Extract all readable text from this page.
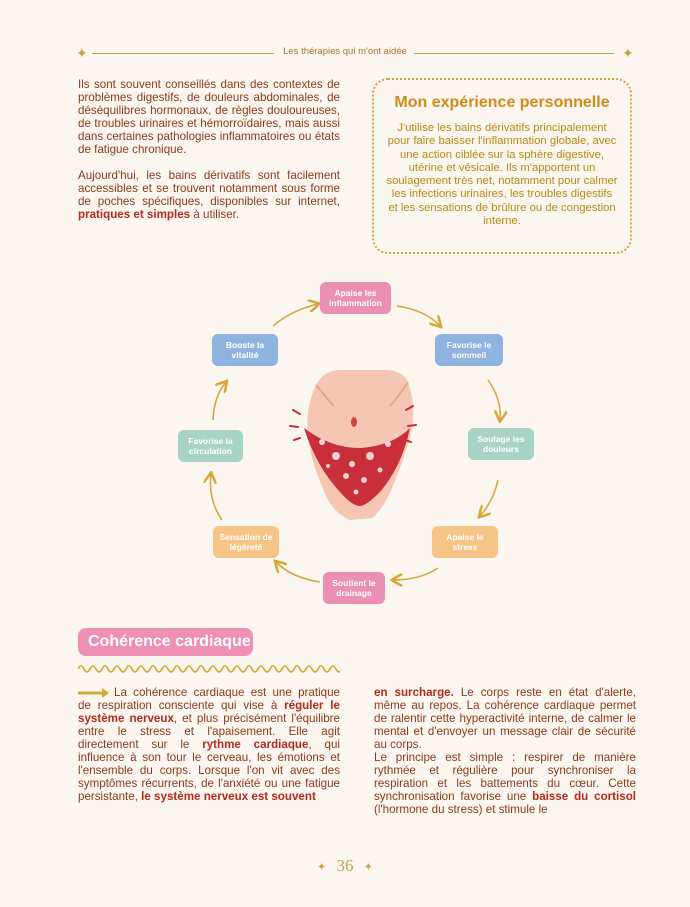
✦	Les thérapies qui m'ont aidée	✦

Ils sont souvent conseillés dans des contextes de problèmes digestifs, de douleurs abdominales, de déséquilibres hormonaux, de règles douloureuses, de troubles urinaires et hémorroïdaires, mais aussi dans certaines pathologies inflammatoires ou états de fatigue chronique.

Aujourd'hui, les bains dérivatifs sont facilement accessibles et se trouvent notamment sous forme de poches spécifiques, disponibles sur internet, pratiques et simples à utiliser.

Mon expérience personnelle
J'utilise les bains dérivatifs principalement pour faire baisser l'inflammation globale, avec une action ciblée sur la sphère digestive, utérine et vésicale. Ils m'apportent un soulagement très net, notamment pour calmer les infections urinaires, les troubles digestifs et les sensations de brûlure ou de congestion interne.
Apaise les inflammation
Favorise le sommeil
Soulage les douleurs
Apaise le stress
Soutient le drainage
Sensation de légèreté
Favorise la circulation
Booste la vitalité
Cohérence cardiaque

La cohérence cardiaque est une pratique de respiration consciente qui vise à réguler le système nerveux, et plus précisément l'équilibre entre le stress et l'apaisement. Elle agit directement sur le rythme cardiaque, qui influence à son tour le cerveau, les émotions et l'ensemble du corps. Lorsque l'on vit avec des symptômes récurrents, de l'anxiété ou une fatigue persistante, le système nerveux est souvent

en surcharge. Le corps reste en état d'alerte, même au repos. La cohérence cardiaque permet de ralentir cette hyperactivité interne, de calmer le mental et d'envoyer un message clair de sécurité au corps.

Le principe est simple : respirer de manière rythmée et régulière pour synchroniser la respiration et les battements du cœur. Cette synchronisation favorise une baisse du cortisol (l'hormone du stress) et stimule le

✦ 36 ✦
